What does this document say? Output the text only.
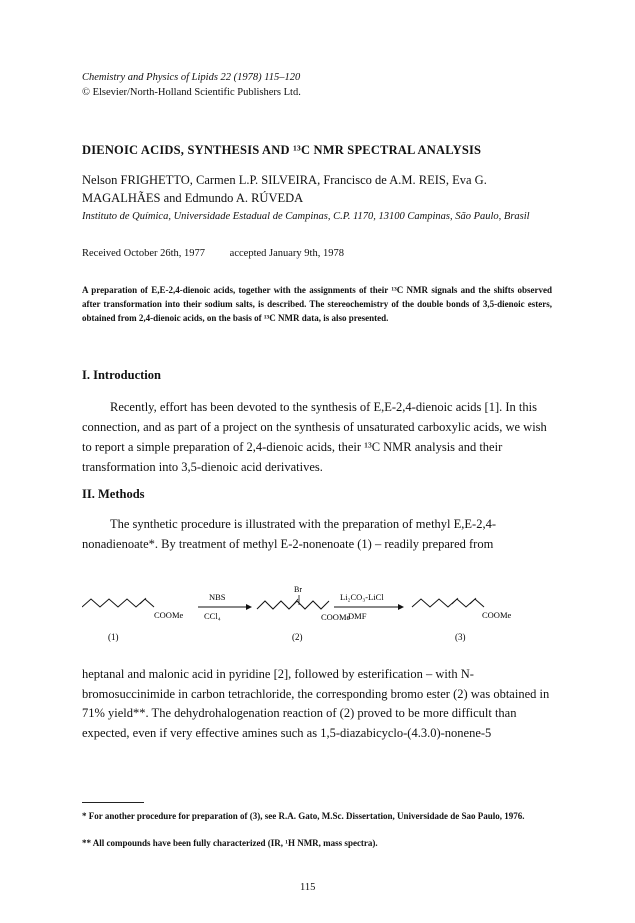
Chemistry and Physics of Lipids 22 (1978) 115–120
© Elsevier/North-Holland Scientific Publishers Ltd.
DIENOIC ACIDS, SYNTHESIS AND ¹³C NMR SPECTRAL ANALYSIS
Nelson FRIGHETTO, Carmen L.P. SILVEIRA, Francisco de A.M. REIS, Eva G. MAGALHÃES and Edmundo A. RÚVEDA
Instituto de Química, Universidade Estadual de Campinas, C.P. 1170, 13100 Campinas, São Paulo, Brasil
Received October 26th, 1977 accepted January 9th, 1978
A preparation of E,E-2,4-dienoic acids, together with the assignments of their ¹³C NMR signals and the shifts observed after transformation into their sodium salts, is described. The stereochemistry of the double bonds of 3,5-dienoic esters, obtained from 2,4-dienoic acids, on the basis of ¹³C NMR data, is also presented.
I. Introduction
Recently, effort has been devoted to the synthesis of E,E-2,4-dienoic acids [1]. In this connection, and as part of a project on the synthesis of unsaturated carboxylic acids, we wish to report a simple preparation of 2,4-dienoic acids, their ¹³C NMR analysis and their transformation into 3,5-dienoic acid derivatives.
II. Methods
The synthetic procedure is illustrated with the preparation of methyl E,E-2,4-nonadienoate*. By treatment of methyl E-2-nonenoate (1) – readily prepared from
COOMe
(1)
NBS
CCl₄
Br
COOMe
(2)
Li₂CO₃-LiCl
DMF	COOMe
(3)
heptanal and malonic acid in pyridine [2], followed by esterification – with N-bromosuccinimide in carbon tetrachloride, the corresponding bromo ester (2) was obtained in 71% yield**. The dehydrohalogenation reaction of (2) proved to be more difficult than expected, even if very effective amines such as 1,5-diazabicyclo-(4.3.0)-nonene-5
* For another procedure for preparation of (3), see R.A. Gato, M.Sc. Dissertation, Universidade de Sao Paulo, 1976.
** All compounds have been fully characterized (IR, ¹H NMR, mass spectra).
115
